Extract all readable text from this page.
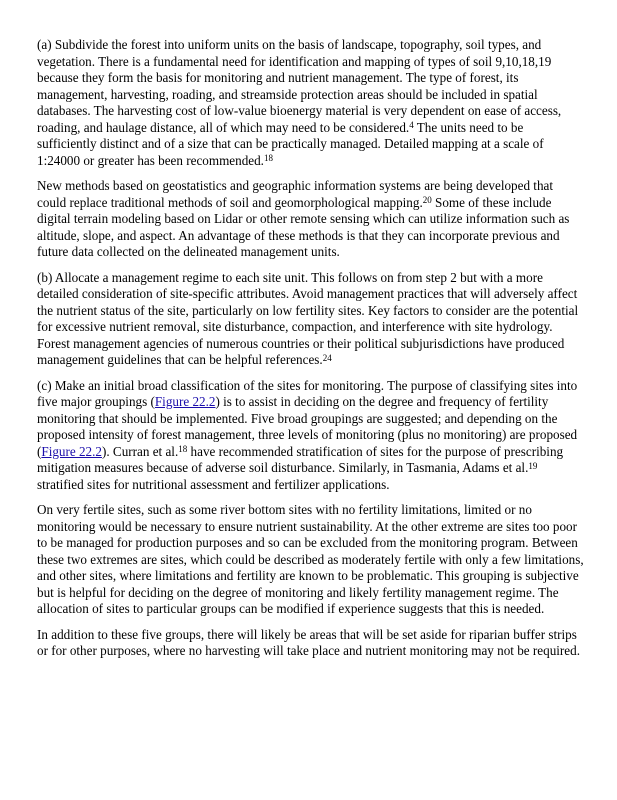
(a) Subdivide the forest into uniform units on the basis of landscape, topography, soil types, and vegetation. There is a fundamental need for identification and mapping of types of soil 9,10,18,19 because they form the basis for monitoring and nutrient management. The type of forest, its management, harvesting, roading, and streamside protection areas should be included in spatial databases. The harvesting cost of low-value bioenergy material is very dependent on ease of access, roading, and haulage distance, all of which may need to be considered.$^4$ The units need to be sufficiently distinct and of a size that can be practically managed. Detailed mapping at a scale of 1:24000 or greater has been recommended.$^{18}$

New methods based on geostatistics and geographic information systems are being developed that could replace traditional methods of soil and geomorphological mapping.$^{20}$ Some of these include digital terrain modeling based on Lidar or other remote sensing which can utilize information such as altitude, slope, and aspect. An advantage of these methods is that they can incorporate previous and future data collected on the delineated management units.

(b) Allocate a management regime to each site unit. This follows on from step 2 but with a more detailed consideration of site-specific attributes. Avoid management practices that will adversely affect the nutrient status of the site, particularly on low fertility sites. Key factors to consider are the potential for excessive nutrient removal, site disturbance, compaction, and interference with site hydrology. Forest management agencies of numerous countries or their political subjurisdictions have produced management guidelines that can be helpful references.$^{24}$

(c) Make an initial broad classification of the sites for monitoring. The purpose of classifying sites into five major groupings (Figure 22.2) is to assist in deciding on the degree and frequency of fertility monitoring that should be implemented. Five broad groupings are suggested; and depending on the proposed intensity of forest management, three levels of monitoring (plus no monitoring) are proposed (Figure 22.2). Curran et al.$^{18}$ have recommended stratification of sites for the purpose of prescribing mitigation measures because of adverse soil disturbance. Similarly, in Tasmania, Adams et al.$^{19}$ stratified sites for nutritional assessment and fertilizer applications.

On very fertile sites, such as some river bottom sites with no fertility limitations, limited or no monitoring would be necessary to ensure nutrient sustainability. At the other extreme are sites too poor to be managed for production purposes and so can be excluded from the monitoring program. Between these two extremes are sites, which could be described as moderately fertile with only a few limitations, and other sites, where limitations and fertility are known to be problematic. This grouping is subjective but is helpful for deciding on the degree of monitoring and likely fertility management regime. The allocation of sites to particular groups can be modified if experience suggests that this is needed.

In addition to these five groups, there will likely be areas that will be set aside for riparian buffer strips or for other purposes, where no harvesting will take place and nutrient monitoring may not be required.
